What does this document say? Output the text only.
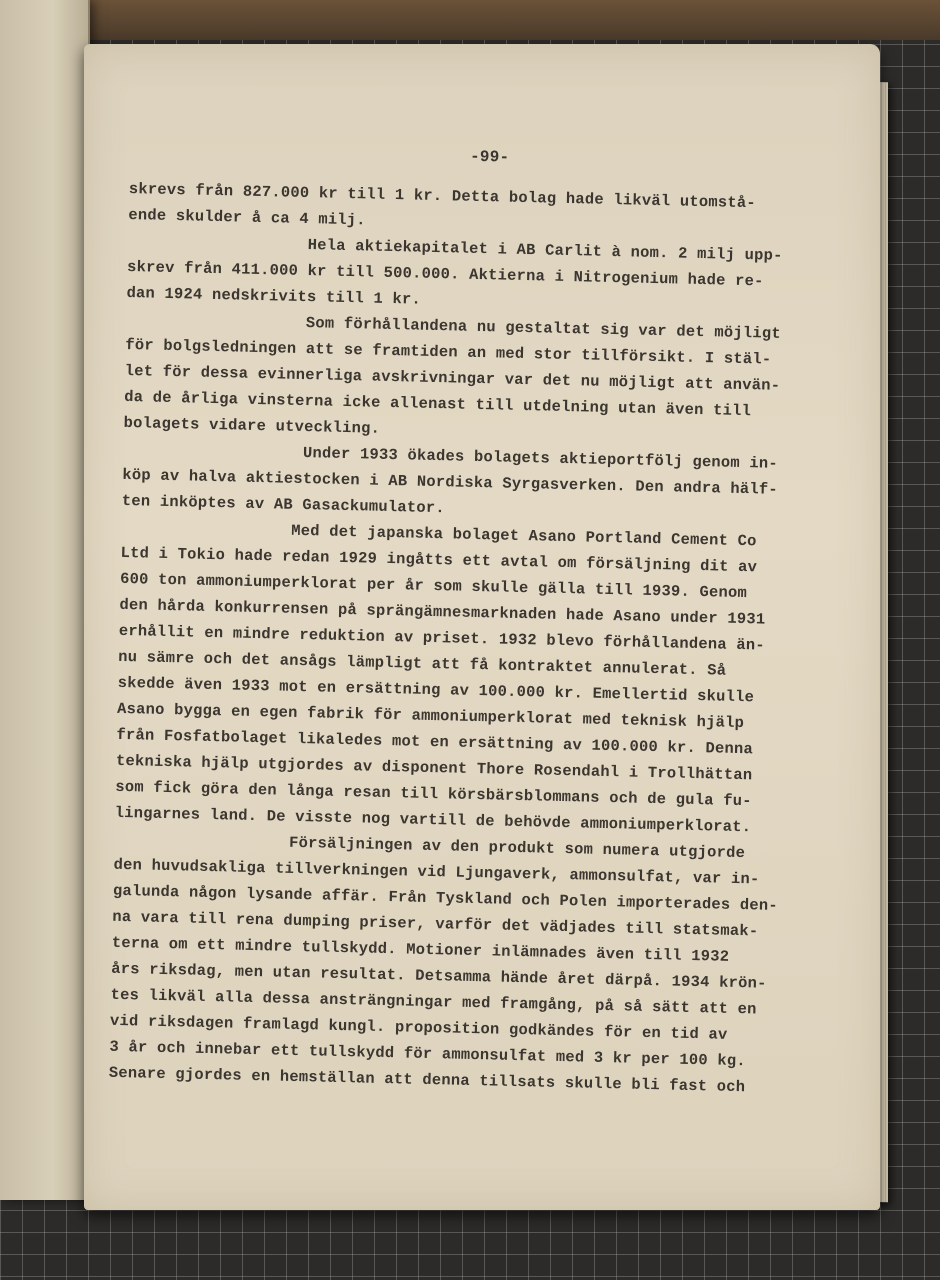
-99-
skrevs från 827.000 kr till 1 kr. Detta bolag hade likväl utomstå-
ende skulder å ca 4 milj.
Hela aktiekapitalet i AB Carlit à nom. 2 milj upp-
skrev från 411.000 kr till 500.000. Aktierna i Nitrogenium hade re-
dan 1924 nedskrivits till 1 kr.
Som förhållandena nu gestaltat sig var det möjligt
för bolgsledningen att se framtiden an med stor tillförsikt. I stäl-
let för dessa evinnerliga avskrivningar var det nu möjligt att använ-
da de årliga vinsterna icke allenast till utdelning utan även till
bolagets vidare utveckling.
Under 1933 ökades bolagets aktieportfölj genom in-
köp av halva aktiestocken i AB Nordiska Syrgasverken. Den andra hälf-
ten inköptes av AB Gasackumulator.
Med det japanska bolaget Asano Portland Cement Co
Ltd i Tokio hade redan 1929 ingåtts ett avtal om försäljning dit av
600 ton ammoniumperklorat per år som skulle gälla till 1939. Genom
den hårda konkurrensen på sprängämnesmarknaden hade Asano under 1931
erhållit en mindre reduktion av priset. 1932 blevo förhållandena än-
nu sämre och det ansågs lämpligt att få kontraktet annulerat. Så
skedde även 1933 mot en ersättning av 100.000 kr. Emellertid skulle
Asano bygga en egen fabrik för ammoniumperklorat med teknisk hjälp
från Fosfatbolaget likaledes mot en ersättning av 100.000 kr. Denna
tekniska hjälp utgjordes av disponent Thore Rosendahl i Trollhättan
som fick göra den långa resan till körsbärsblommans och de gula fu-
lingarnes land. De visste nog vartill de behövde ammoniumperklorat.
Försäljningen av den produkt som numera utgjorde
den huvudsakliga tillverkningen vid Ljungaverk, ammonsulfat, var in-
galunda någon lysande affär. Från Tyskland och Polen importerades den-
na vara till rena dumping priser, varför det vädjades till statsmak-
terna om ett mindre tullskydd. Motioner inlämnades även till 1932
års riksdag, men utan resultat. Detsamma hände året därpå. 1934 krön-
tes likväl alla dessa ansträngningar med framgång, på så sätt att en
vid riksdagen framlagd kungl. proposition godkändes för en tid av
3 år och innebar ett tullskydd för ammonsulfat med 3 kr per 100 kg.
Senare gjordes en hemställan att denna tillsats skulle bli fast och
